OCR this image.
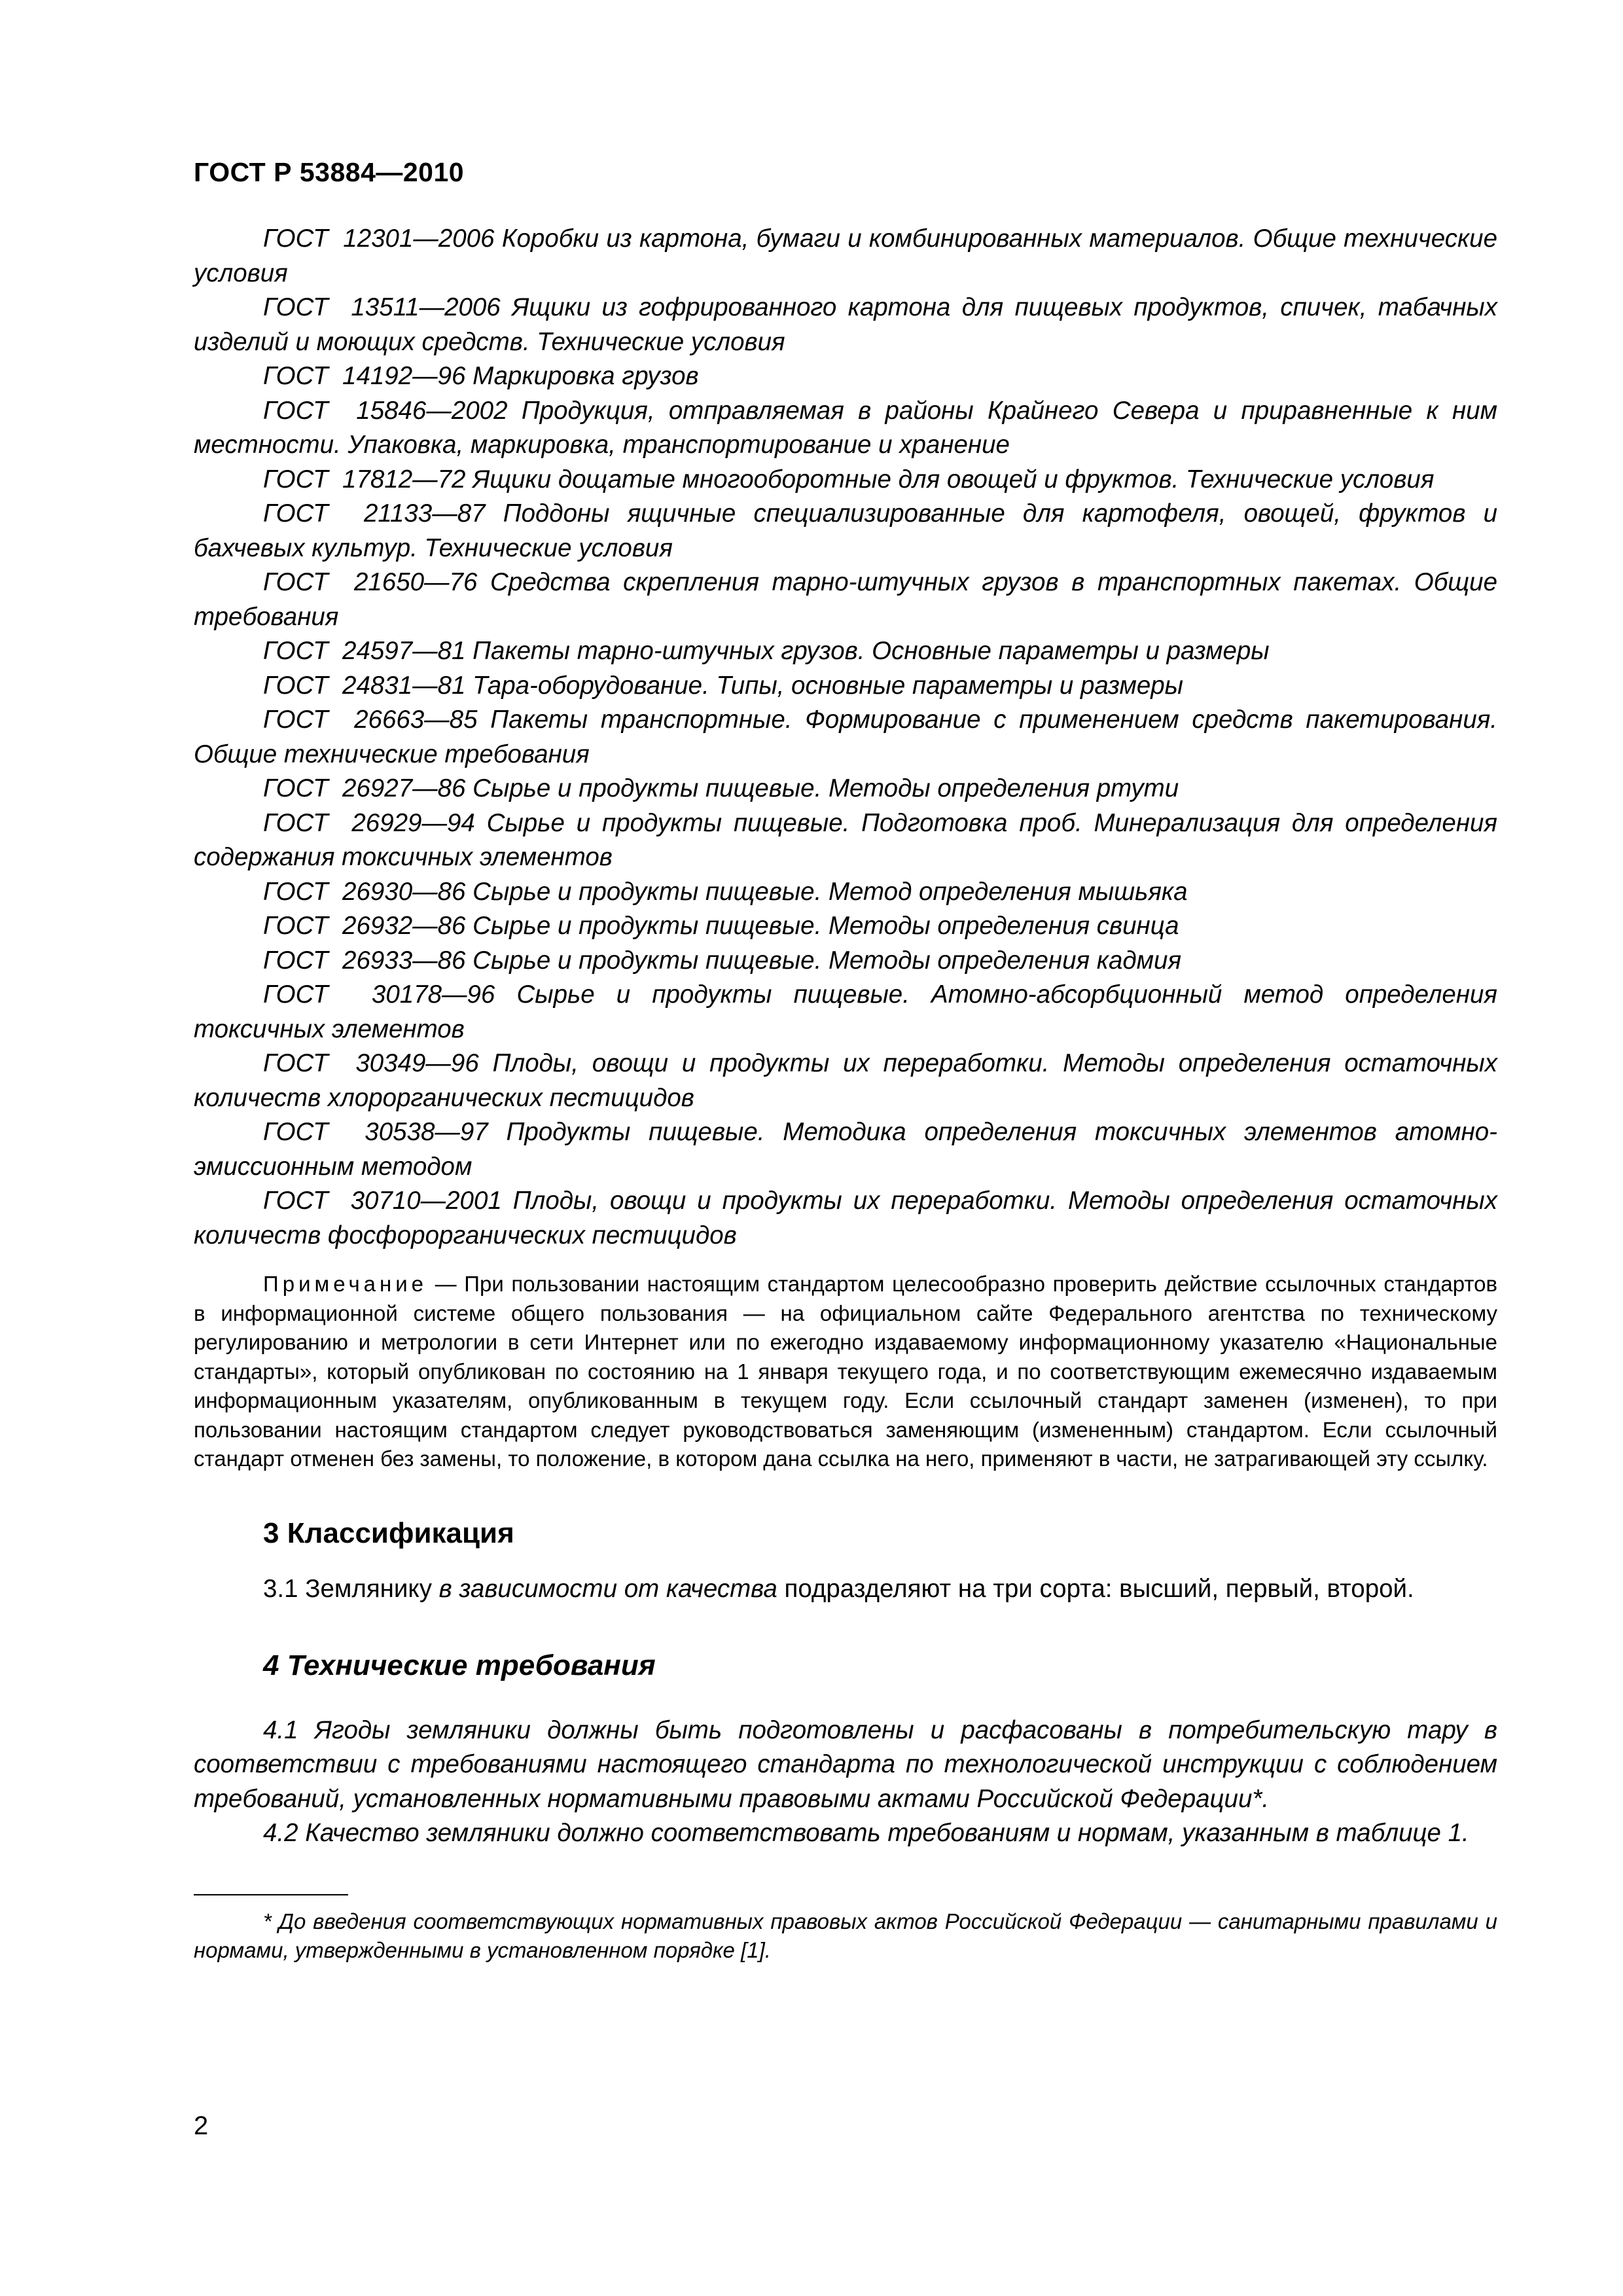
ГОСТ Р 53884—2010

ГОСТ  12301—2006 Коробки из картона, бумаги и комбинированных материалов. Общие технические условия

ГОСТ  13511—2006 Ящики из гофрированного картона для пищевых продуктов, спичек, табачных изделий и моющих средств. Технические условия

ГОСТ  14192—96 Маркировка грузов

ГОСТ  15846—2002 Продукция, отправляемая в районы Крайнего Севера и приравненные к ним местности. Упаковка, маркировка, транспортирование и хранение

ГОСТ  17812—72 Ящики дощатые многооборотные для овощей и фруктов. Технические условия

ГОСТ  21133—87 Поддоны ящичные специализированные для картофеля, овощей, фруктов и бахчевых культур. Технические условия

ГОСТ  21650—76 Средства скрепления тарно-штучных грузов в транспортных пакетах. Общие требования

ГОСТ  24597—81 Пакеты тарно-штучных грузов. Основные параметры и размеры

ГОСТ  24831—81 Тара-оборудование. Типы, основные параметры и размеры

ГОСТ  26663—85 Пакеты транспортные. Формирование с применением средств пакетирования. Общие технические требования

ГОСТ  26927—86 Сырье и продукты пищевые. Методы определения ртути

ГОСТ  26929—94 Сырье и продукты пищевые. Подготовка проб. Минерализация для определения содержания токсичных элементов

ГОСТ  26930—86 Сырье и продукты пищевые. Метод определения мышьяка

ГОСТ  26932—86 Сырье и продукты пищевые. Методы определения свинца

ГОСТ  26933—86 Сырье и продукты пищевые. Методы определения кадмия

ГОСТ  30178—96 Сырье и продукты пищевые. Атомно-абсорбционный метод определения токсичных элементов

ГОСТ  30349—96 Плоды, овощи и продукты их переработки. Методы определения остаточных количеств хлорорганических пестицидов

ГОСТ  30538—97 Продукты пищевые. Методика определения токсичных элементов атомно-эмиссионным методом

ГОСТ  30710—2001 Плоды, овощи и продукты их переработки. Методы определения остаточных количеств фосфорорганических пестицидов

Примечание — При пользовании настоящим стандартом целесообразно проверить действие ссылочных стандартов в информационной системе общего пользования — на официальном сайте Федерального агентства по техническому регулированию и метрологии в сети Интернет или по ежегодно издаваемому информационному указателю «Национальные стандарты», который опубликован по состоянию на 1 января текущего года, и по соответствующим ежемесячно издаваемым информационным указателям, опубликованным в текущем году. Если ссылочный стандарт заменен (изменен), то при пользовании настоящим стандартом следует руководствоваться заменяющим (измененным) стандартом. Если ссылочный стандарт отменен без замены, то положение, в котором дана ссылка на него, применяют в части, не затрагивающей эту ссылку.

3 Классификация

3.1 Землянику в зависимости от качества подразделяют на три сорта: высший, первый, второй.

4 Технические требования

4.1 Ягоды земляники должны быть подготовлены и расфасованы в потребительскую тару в соответствии с требованиями настоящего стандарта по технологической инструкции с соблюдением требований, установленных нормативными правовыми актами Российской Федерации*.

4.2 Качество земляники должно соответствовать требованиям и нормам, указанным в таблице 1.

* До введения соответствующих нормативных правовых актов Российской Федерации — санитарными правилами и нормами, утвержденными в установленном порядке [1].

2
